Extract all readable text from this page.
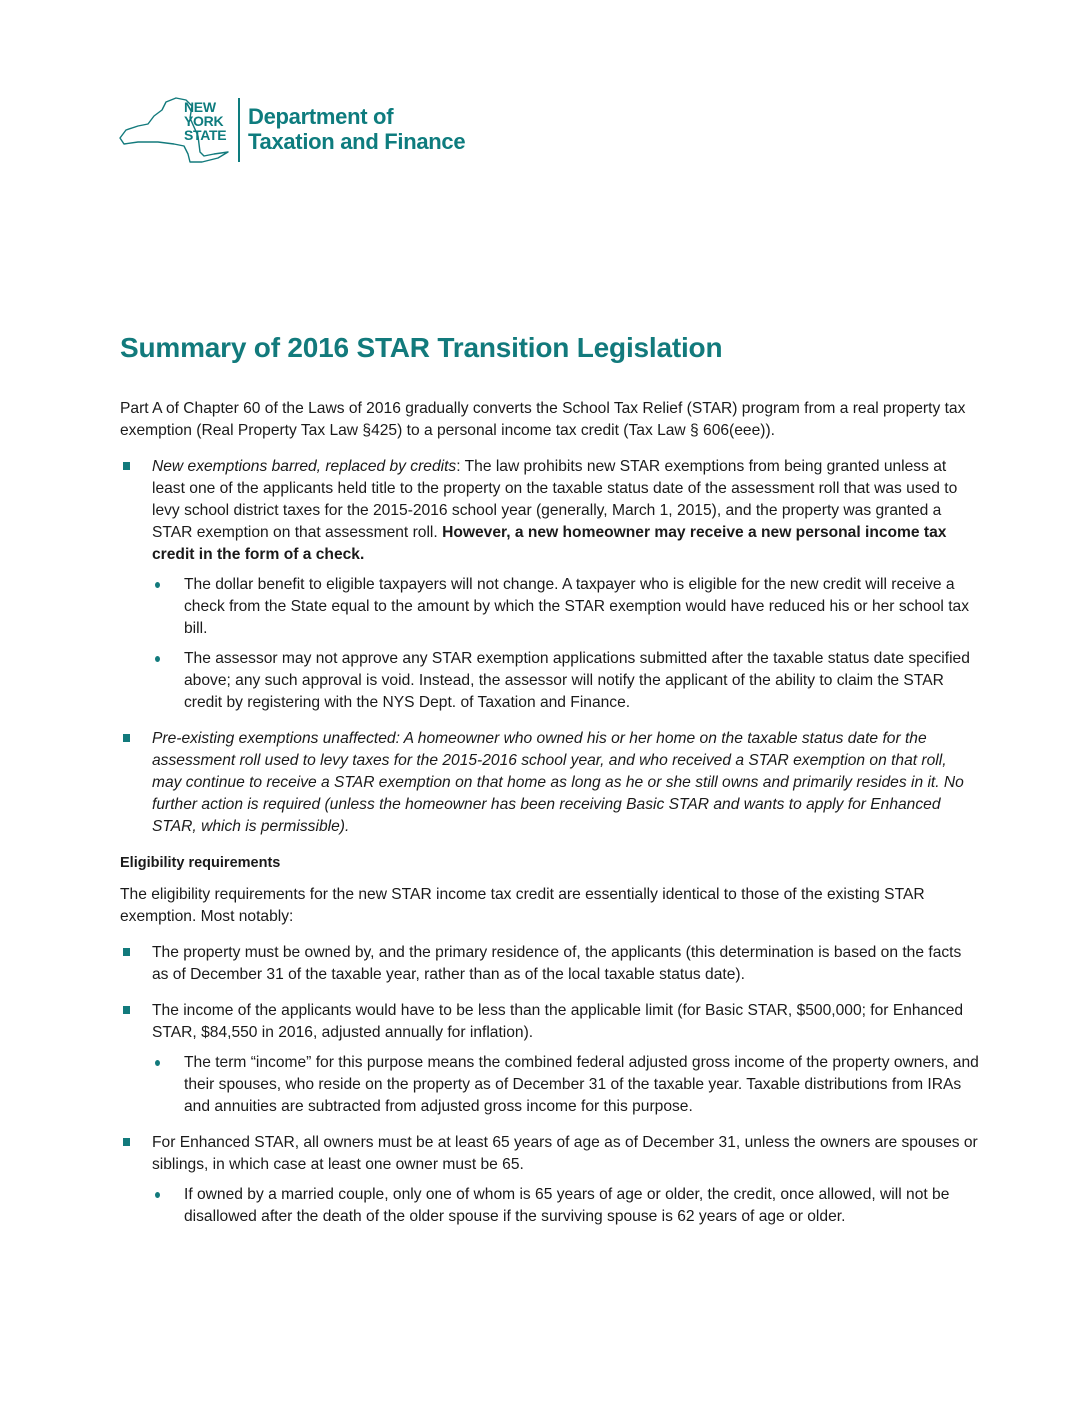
NEW
YORK
STATE
Department of
Taxation and Finance
Summary of 2016 STAR Transition Legislation

Part A of Chapter 60 of the Laws of 2016 gradually converts the School Tax Relief (STAR) program from a real property tax exemption (Real Property Tax Law §425) to a personal income tax credit (Tax Law § 606(eee)).

New exemptions barred, replaced by credits: The law prohibits new STAR exemptions from being granted unless at least one of the applicants held title to the property on the taxable status date of the assessment roll that was used to levy school district taxes for the 2015-2016 school year (generally, March 1, 2015), and the property was granted a STAR exemption on that assessment roll. However, a new homeowner may receive a new personal income tax credit in the form of a check.
The dollar benefit to eligible taxpayers will not change. A taxpayer who is eligible for the new credit will receive a check from the State equal to the amount by which the STAR exemption would have reduced his or her school tax bill.
The assessor may not approve any STAR exemption applications submitted after the taxable status date specified above; any such approval is void. Instead, the assessor will notify the applicant of the ability to claim the STAR credit by registering with the NYS Dept. of Taxation and Finance.
Pre-existing exemptions unaffected: A homeowner who owned his or her home on the taxable status date for the assessment roll used to levy taxes for the 2015-2016 school year, and who received a STAR exemption on that roll, may continue to receive a STAR exemption on that home as long as he or she still owns and primarily resides in it. No further action is required (unless the homeowner has been receiving Basic STAR and wants to apply for Enhanced STAR, which is permissible).

Eligibility requirements

The eligibility requirements for the new STAR income tax credit are essentially identical to those of the existing STAR exemption. Most notably:

The property must be owned by, and the primary residence of, the applicants (this determination is based on the facts as of December 31 of the taxable year, rather than as of the local taxable status date).
The income of the applicants would have to be less than the applicable limit (for Basic STAR, $500,000; for Enhanced STAR, $84,550 in 2016, adjusted annually for inflation).
The term “income” for this purpose means the combined federal adjusted gross income of the property owners, and their spouses, who reside on the property as of December 31 of the taxable year. Taxable distributions from IRAs and annuities are subtracted from adjusted gross income for this purpose.
For Enhanced STAR, all owners must be at least 65 years of age as of December 31, unless the owners are spouses or siblings, in which case at least one owner must be 65.
If owned by a married couple, only one of whom is 65 years of age or older, the credit, once allowed, will not be disallowed after the death of the older spouse if the surviving spouse is 62 years of age or older.
